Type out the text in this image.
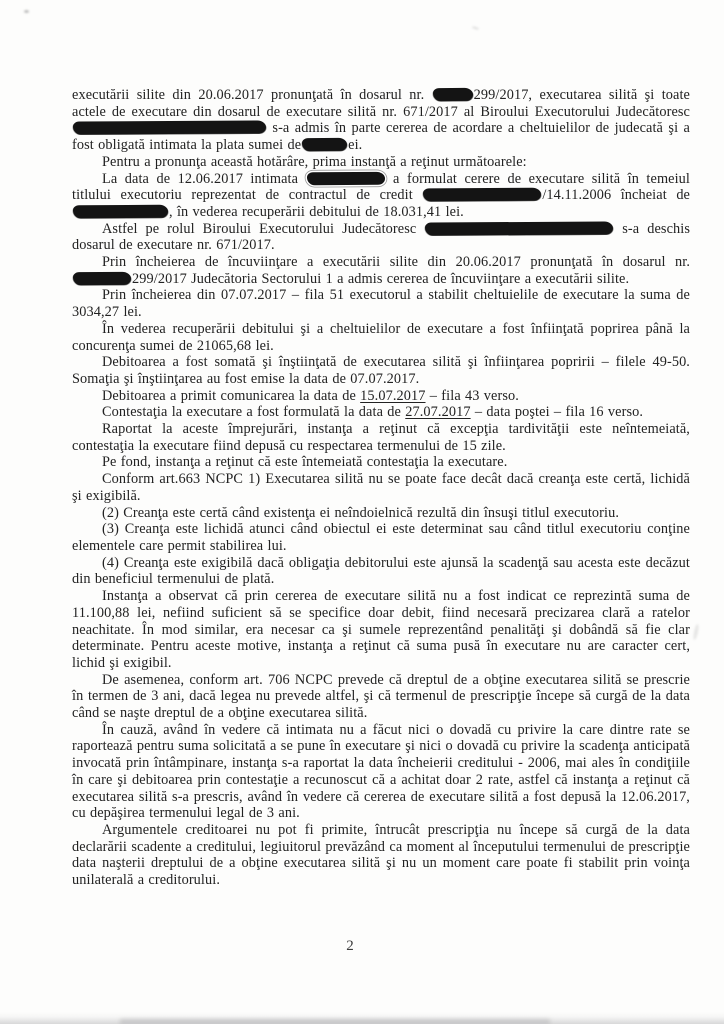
executării silite din 20.06.2017 pronunţată în dosarul nr.	299/2017, executarea silită şi toate actele de executare din dosarul de executare silită nr. 671/2017 al Biroului Executorului Judecătoresc  s-a admis în parte cererea de acordare a cheltuielilor de judecată şi a fost obligată intimata la plata sumei de	ei.

Pentru a pronunţa această hotărâre, prima instanţă a reţinut următoarele:

La data de 12.06.2017 intimata	a formulat cerere de executare silită în temeiul titlului executoriu reprezentat de contractul de credit	/14.11.2006 încheiat de, în vederea recuperării debitului de 18.031,41 lei.

Astfel pe rolul Biroului Executorului Judecătoresc	s-a deschis dosarul de executare nr. 671/2017.

Prin încheierea de încuviinţare a executării silite din 20.06.2017 pronunţată în dosarul nr. 299/2017 Judecătoria Sectorului 1 a admis cererea de încuviinţare a executării silite.

Prin încheierea din 07.07.2017 – fila 51 executorul a stabilit cheltuielile de executare la suma de 3034,27 lei.

În vederea recuperării debitului şi a cheltuielilor de executare a fost înfiinţată poprirea până la concurenţa sumei de 21065,68 lei.

Debitoarea a fost somată şi înştiinţată de executarea silită şi înfiinţarea popririi – filele 49-50. Somaţia şi înştiinţarea au fost emise la data de 07.07.2017.

Debitoarea a primit comunicarea la data de 15.07.2017 – fila 43 verso.

Contestaţia la executare a fost formulată la data de 27.07.2017 – data poştei – fila 16 verso.

Raportat la aceste împrejurări, instanţa a reţinut că excepţia tardivităţii este neîntemeiată, contestaţia la executare fiind depusă cu respectarea termenului de 15 zile.

Pe fond, instanţa a reţinut că este întemeiată contestaţia la executare.

Conform art.663 NCPC 1) Executarea silită nu se poate face decât dacă creanţa este certă, lichidă şi exigibilă.

(2) Creanţa este certă când existenţa ei neîndoielnică rezultă din însuşi titlul executoriu.

(3) Creanţa este lichidă atunci când obiectul ei este determinat sau când titlul executoriu conţine elementele care permit stabilirea lui.

(4) Creanţa este exigibilă dacă obligaţia debitorului este ajunsă la scadenţă sau acesta este decăzut din beneficiul termenului de plată.

Instanţa a observat că prin cererea de executare silită nu a fost indicat ce reprezintă suma de 11.100,88 lei, nefiind suficient să se specifice doar debit, fiind necesară precizarea clară a ratelor neachitate. În mod similar, era necesar ca şi sumele reprezentând penalităţi şi dobândă să fie clar determinate. Pentru aceste motive, instanţa a reţinut că suma pusă în executare nu are caracter cert, lichid şi exigibil.

De asemenea, conform art. 706 NCPC prevede că dreptul de a obţine executarea silită se prescrie în termen de 3 ani, dacă legea nu prevede altfel, şi că termenul de prescripţie începe să curgă de la data când se naşte dreptul de a obţine executarea silită.

În cauză, având în vedere că intimata nu a făcut nici o dovadă cu privire la care dintre rate se raportează pentru suma solicitată a se pune în executare şi nici o dovadă cu privire la scadenţa anticipată invocată prin întâmpinare, instanţa s-a raportat la data încheierii creditului - 2006, mai ales în condiţiile în care şi debitoarea prin contestaţie a recunoscut că a achitat doar 2 rate, astfel că instanţa a reţinut că executarea silită s-a prescris, având în vedere că cererea de executare silită a fost depusă la 12.06.2017, cu depăşirea termenului legal de 3 ani.

Argumentele creditoarei nu pot fi primite, întrucât prescripţia nu începe să curgă de la data declarării scadente a creditului, legiuitorul prevăzând ca moment al începutului termenului de prescripţie data naşterii dreptului de a obţine executarea silită şi nu un moment care poate fi stabilit prin voinţa unilaterală a creditorului.

2
